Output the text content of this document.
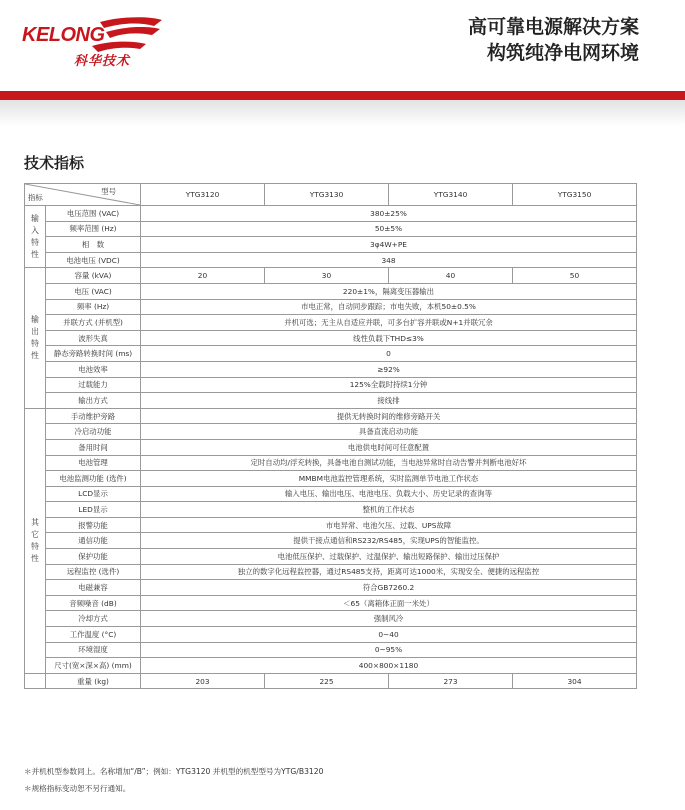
KELONG
科华技术
高可靠电源解决方案
构筑纯净电网环境
技术指标
型号
指标		YTG3120	YTG3130	YTG3140	YTG3150
输
入
特
性	电压范围 (VAC)	380±25%			
	频率范围 (Hz)	50±5%			
	相　数	3φ4W+PE			
	电池电压 (VDC)	348			
输
出
特
性	容量 (kVA)	20	30	40	50
	电压 (VAC)	220±1%，隔离变压器输出			
	频率 (Hz)	市电正常，自动同步跟踪；市电失败，本机50±0.5%			
	并联方式 (并机型)	并机可选；无主从自适应并联，可多台扩容并联或N+1并联冗余			
	波形失真	线性负载下THD≤3%			
	静态旁路转换时间 (ms)	0			
	电池效率	≥92%			
	过载能力	125%全载时持续1分钟			
	输出方式	接线排			
其
它
特
性	手动维护旁路	提供无转换时间的维修旁路开关			
	冷启动功能	具备直流启动功能			
	备用时间	电池供电时间可任意配置			
	电池管理	定时自动均/浮充转换，具备电池自测试功能，当电池异常时自动告警并判断电池好坏			
	电池监测功能 (选件)	MMBM电池监控管理系统，实时监测单节电池工作状态			
	LCD显示	输入电压、输出电压、电池电压、负载大小、历史记录的查询等			
	LED显示	整机的工作状态			
	报警功能	市电异常、电池欠压、过载、UPS故障			
	通信功能	提供干接点通信和RS232/RS485，实现UPS的智能监控。			
	保护功能	电池低压保护、过载保护、过温保护、输出短路保护、输出过压保护			
	远程监控 (选件)	独立的数字化远程监控器，通过RS485支持，距离可达1000米，实现安全、便捷的远程监控			
	电磁兼容	符合GB7260.2			
	音频噪音 (dB)	＜65（离箱体正面一米处）			
	冷却方式	强制风冷			
	工作温度 (°C)	0~40			
	环境湿度	0~95%			
	尺寸(宽×深×高) (mm)	400×800×1180			
	重量 (kg)	203	225	273	304
＊并机机型参数同上。名称增加“/B”；例如：YTG3120 并机型的机型型号为YTG/B3120
＊规格指标变动恕不另行通知。
